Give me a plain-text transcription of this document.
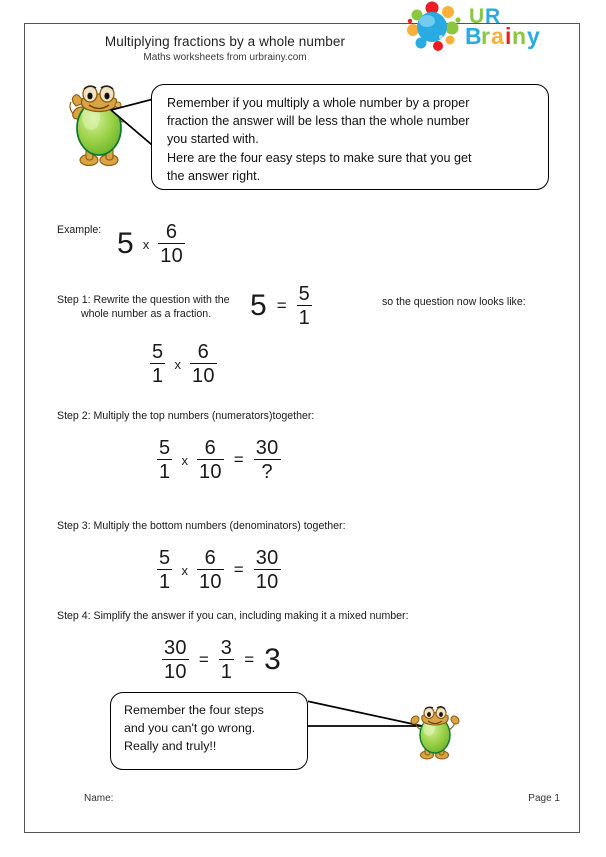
Multiplying fractions by a whole number
Maths worksheets from urbrainy.com
U R
B r a i n y
Remember if you multiply a whole number by a proper
fraction the answer will be less than the whole number
you started with.
Here are the four easy steps to make sure that you get
the answer right.
Example: 5 x $\frac{6}{10}$
Step 1: Rewrite the question with the
whole number as a fraction.	$5 = \frac{5}{1}$	so the question now looks like:
$\frac{5}{1}$ x $\frac{6}{10}$
Step 2: Multiply the top numbers (numerators)together:
$\frac{5}{1}$ x $\frac{6}{10} = \frac{30}{?}$
Step 3: Multiply the bottom numbers (denominators) together:
$\frac{5}{1}$ x $\frac{6}{10} = \frac{30}{10}$
Step 4: Simplify the answer if you can, including making it a mixed number:
$\frac{30}{10} = \frac{3}{1} = 3$
Remember the four steps
and you can't go wrong.
Really and truly!!
Name:	Page 1
